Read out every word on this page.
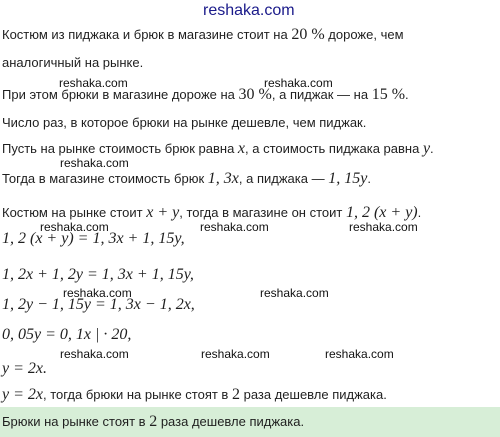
reshaka.com
Костюм из пиджака и брюк в магазине стоит на 20 % дороже, чем
аналогичный на рынке.
reshaka.com	reshaka.com
При этом брюки в магазине дороже на 30 %, а пиджак — на 15 %.
Число раз, в которое брюки на рынке дешевле, чем пиджак.
Пусть на рынке стоимость брюк равна x, а стоимость пиджака равна y.
reshaka.com
Тогда в магазине стоимость брюк 1, 3x, а пиджака — 1, 15y.
Костюм на рынке стоит x + y, тогда в магазине он стоит 1, 2 (x + y).
reshaka.com	reshaka.com	reshaka.com
1, 2 (x + y) = 1, 3x + 1, 15y,
1, 2x + 1, 2y = 1, 3x + 1, 15y,
reshaka.com	reshaka.com
1, 2y − 1, 15y = 1, 3x − 1, 2x,
0, 05y = 0, 1x | · 20,
reshaka.com	reshaka.com	reshaka.com
y = 2x.
y = 2x, тогда брюки на рынке стоят в 2 раза дешевле пиджака.
Брюки на рынке стоят в 2 раза дешевле пиджака.
